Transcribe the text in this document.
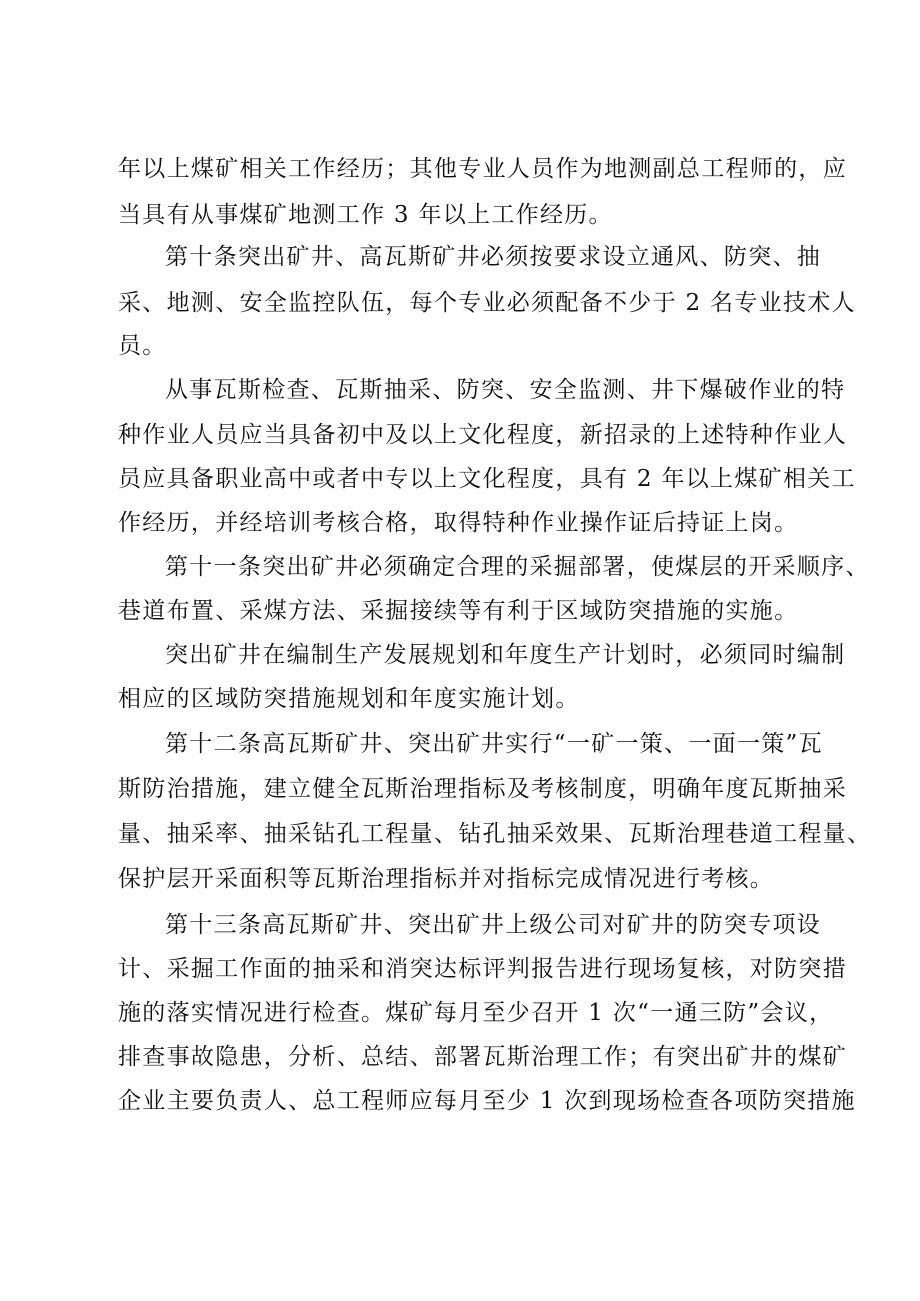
年以上煤矿相关工作经历；其他专业人员作为地测副总工程师的，应
当具有从事煤矿地测工作 3 年以上工作经历。
第十条突出矿井、高瓦斯矿井必须按要求设立通风、防突、抽
采、地测、安全监控队伍，每个专业必须配备不少于 2 名专业技术人
员。
从事瓦斯检查、瓦斯抽采、防突、安全监测、井下爆破作业的特
种作业人员应当具备初中及以上文化程度，新招录的上述特种作业人
员应具备职业高中或者中专以上文化程度，具有 2 年以上煤矿相关工
作经历，并经培训考核合格，取得特种作业操作证后持证上岗。
第十一条突出矿井必须确定合理的采掘部署，使煤层的开采顺序、
巷道布置、采煤方法、采掘接续等有利于区域防突措施的实施。
突出矿井在编制生产发展规划和年度生产计划时，必须同时编制
相应的区域防突措施规划和年度实施计划。
第十二条高瓦斯矿井、突出矿井实行“一矿一策、一面一策”瓦
斯防治措施，建立健全瓦斯治理指标及考核制度，明确年度瓦斯抽采
量、抽采率、抽采钻孔工程量、钻孔抽采效果、瓦斯治理巷道工程量、
保护层开采面积等瓦斯治理指标并对指标完成情况进行考核。
第十三条高瓦斯矿井、突出矿井上级公司对矿井的防突专项设
计、采掘工作面的抽采和消突达标评判报告进行现场复核，对防突措
施的落实情况进行检查。煤矿每月至少召开 1 次“一通三防”会议，
排查事故隐患，分析、总结、部署瓦斯治理工作；有突出矿井的煤矿
企业主要负责人、总工程师应每月至少 1 次到现场检查各项防突措施
